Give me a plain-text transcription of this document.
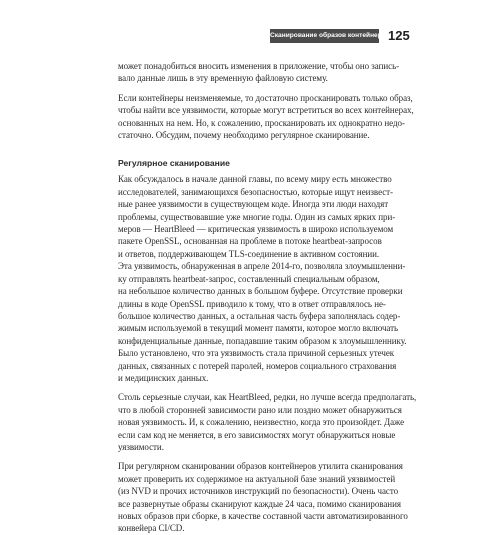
Сканирование образов контейнеров
125

может понадобиться вносить изменения в приложение, чтобы оно запись-
вало данные лишь в эту временную файловую систему.

Если контейнеры неизменяемые, то достаточно просканировать только образ,
чтобы найти все уязвимости, которые могут встретиться во всех контейнерах,
основанных на нем. Но, к сожалению, просканировать их однократно недо-
статочно. Обсудим, почему необходимо регулярное сканирование.

Регулярное сканирование

Как обсуждалось в начале данной главы, по всему миру есть множество
исследователей, занимающихся безопасностью, которые ищут неизвест-
ные ранее уязвимости в существующем коде. Иногда эти люди находят
проблемы, существовавшие уже многие годы. Один из самых ярких при-
меров — HeartBleed — критическая уязвимость в широко используемом
пакете OpenSSL, основанная на проблеме в потоке heartbeat-запросов
и ответов, поддерживающем TLS-соединение в активном состоянии.
Эта уязвимость, обнаруженная в апреле 2014-го, позволяла злоумышленни-
ку отправлять heartbeat-запрос, составленный специальным образом,
на небольшое количество данных в большом буфере. Отсутствие проверки
длины в коде OpenSSL приводило к тому, что в ответ отправлялось не-
большое количество данных, а остальная часть буфера заполнялась содер-
жимым используемой в текущий момент памяти, которое могло включать
конфиденциальные данные, попадавшие таким образом к злоумышленнику.
Было установлено, что эта уязвимость стала причиной серьезных утечек
данных, связанных с потерей паролей, номеров социального страхования
и медицинских данных.

Столь серьезные случаи, как HeartBleed, редки, но лучше всегда предполагать,
что в любой сторонней зависимости рано или поздно может обнаружиться
новая уязвимость. И, к сожалению, неизвестно, когда это произойдет. Даже
если сам код не меняется, в его зависимостях могут обнаружиться новые
уязвимости.

При регулярном сканировании образов контейнеров утилита сканирования
может проверить их содержимое на актуальной базе знаний уязвимостей
(из NVD и прочих источников инструкций по безопасности). Очень часто
все развернутые образы сканируют каждые 24 часа, помимо сканирования
новых образов при сборке, в качестве составной части автоматизированного
конвейера CI/CD.
